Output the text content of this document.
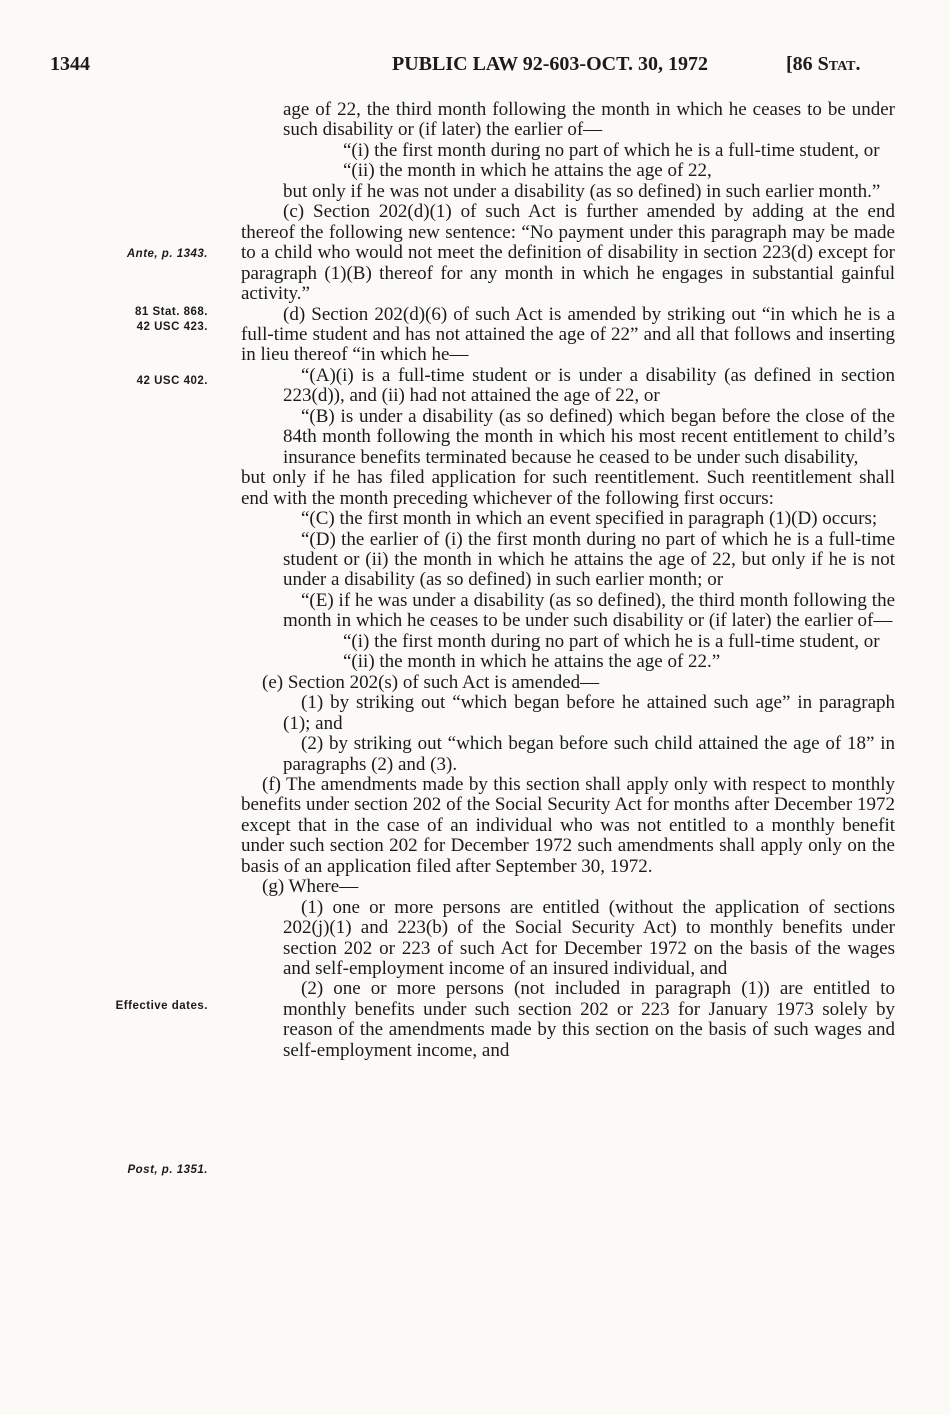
1344	PUBLIC LAW 92-603-OCT. 30, 1972	[86 Stat.
Ante, p. 1343.
81 Stat. 868.
42 USC 423.
42 USC 402.
Effective dates.
Post, p. 1351.
age of 22, the third month following the month in which he ceases to be under such disability or (if later) the earlier of—
“(i) the first month during no part of which he is a full-time student, or
“(ii) the month in which he attains the age of 22,
but only if he was not under a disability (as so defined) in such earlier month.”
(c) Section 202(d)(1) of such Act is further amended by adding at the end thereof the following new sentence: “No payment under this paragraph may be made to a child who would not meet the definition of disability in section 223(d) except for paragraph (1)(B) thereof for any month in which he engages in substantial gainful activity.”
(d) Section 202(d)(6) of such Act is amended by striking out “in which he is a full-time student and has not attained the age of 22” and all that follows and inserting in lieu thereof “in which he—
“(A)(i) is a full-time student or is under a disability (as defined in section 223(d)), and (ii) had not attained the age of 22, or
“(B) is under a disability (as so defined) which began before the close of the 84th month following the month in which his most recent entitlement to child’s insurance benefits terminated because he ceased to be under such disability,
but only if he has filed application for such reentitlement. Such reentitlement shall end with the month preceding whichever of the following first occurs:
“(C) the first month in which an event specified in paragraph (1)(D) occurs;
“(D) the earlier of (i) the first month during no part of which he is a full-time student or (ii) the month in which he attains the age of 22, but only if he is not under a disability (as so defined) in such earlier month; or
“(E) if he was under a disability (as so defined), the third month following the month in which he ceases to be under such disability or (if later) the earlier of—
“(i) the first month during no part of which he is a full-time student, or
“(ii) the month in which he attains the age of 22.”
(e) Section 202(s) of such Act is amended—
(1) by striking out “which began before he attained such age” in paragraph (1); and
(2) by striking out “which began before such child attained the age of 18” in paragraphs (2) and (3).
(f) The amendments made by this section shall apply only with respect to monthly benefits under section 202 of the Social Security Act for months after December 1972 except that in the case of an individual who was not entitled to a monthly benefit under such section 202 for December 1972 such amendments shall apply only on the basis of an application filed after September 30, 1972.
(g) Where—
(1) one or more persons are entitled (without the application of sections 202(j)(1) and 223(b) of the Social Security Act) to monthly benefits under section 202 or 223 of such Act for December 1972 on the basis of the wages and self-employment income of an insured individual, and
(2) one or more persons (not included in paragraph (1)) are entitled to monthly benefits under such section 202 or 223 for January 1973 solely by reason of the amendments made by this section on the basis of such wages and self-employment income, and
